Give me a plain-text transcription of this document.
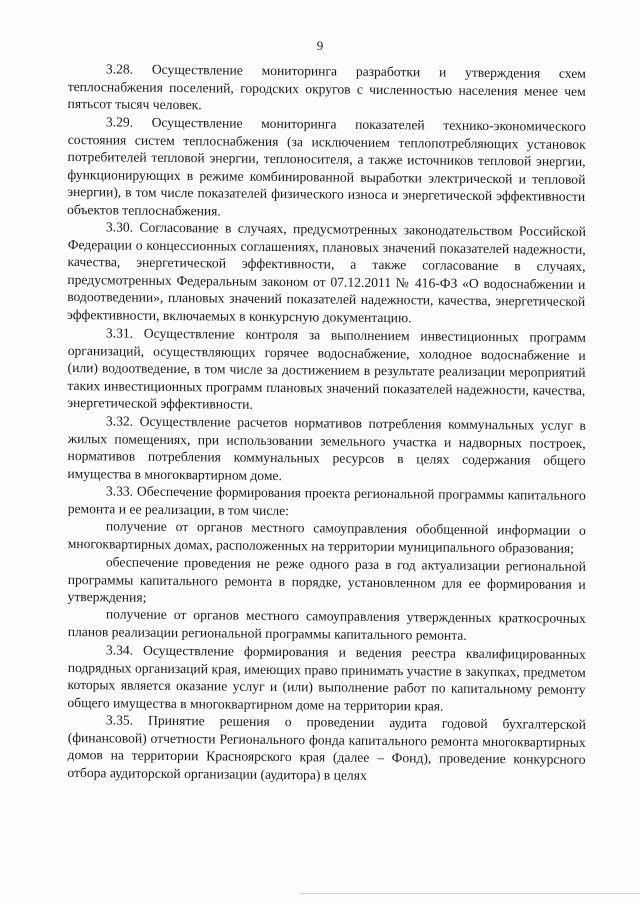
9

3.28. Осуществление мониторинга разработки и утверждения схем теплоснабжения поселений, городских округов с численностью населения менее чем пятьсот тысяч человек.

3.29. Осуществление мониторинга показателей технико-экономического состояния систем теплоснабжения (за исключением теплопотребляющих установок потребителей тепловой энергии, теплоносителя, а также источников тепловой энергии, функционирующих в режиме комбинированной выработки электрической и тепловой энергии), в том числе показателей физического износа и энергетической эффективности объектов теплоснабжения.

3.30. Согласование в случаях, предусмотренных законодательством Российской Федерации о концессионных соглашениях, плановых значений показателей надежности, качества, энергетической эффективности, а также согласование в случаях, предусмотренных Федеральным законом от 07.12.2011 № 416-ФЗ «О водоснабжении и водоотведении», плановых значений показателей надежности, качества, энергетической эффективности, включаемых в конкурсную документацию.

3.31. Осуществление контроля за выполнением инвестиционных программ организаций, осуществляющих горячее водоснабжение, холодное водоснабжение и (или) водоотведение, в том числе за достижением в результате реализации мероприятий таких инвестиционных программ плановых значений показателей надежности, качества, энергетической эффективности.

3.32. Осуществление расчетов нормативов потребления коммунальных услуг в жилых помещениях, при использовании земельного участка и надворных построек, нормативов потребления коммунальных ресурсов в целях содержания общего имущества в многоквартирном доме.

3.33. Обеспечение формирования проекта региональной программы капитального ремонта и ее реализации, в том числе:

получение от органов местного самоуправления обобщенной информации о многоквартирных домах, расположенных на территории муниципального образования;

обеспечение проведения не реже одного раза в год актуализации региональной программы капитального ремонта в порядке, установленном для ее формирования и утверждения;

получение от органов местного самоуправления утвержденных краткосрочных планов реализации региональной программы капитального ремонта.

3.34. Осуществление формирования и ведения реестра квалифицированных подрядных организаций края, имеющих право принимать участие в закупках, предметом которых является оказание услуг и (или) выполнение работ по капитальному ремонту общего имущества в многоквартирном доме на территории края.

3.35. Принятие решения о проведении аудита годовой бухгалтерской (финансовой) отчетности Регионального фонда капитального ремонта многоквартирных домов на территории Красноярского края (далее – Фонд), проведение конкурсного отбора аудиторской организации (аудитора) в целях
